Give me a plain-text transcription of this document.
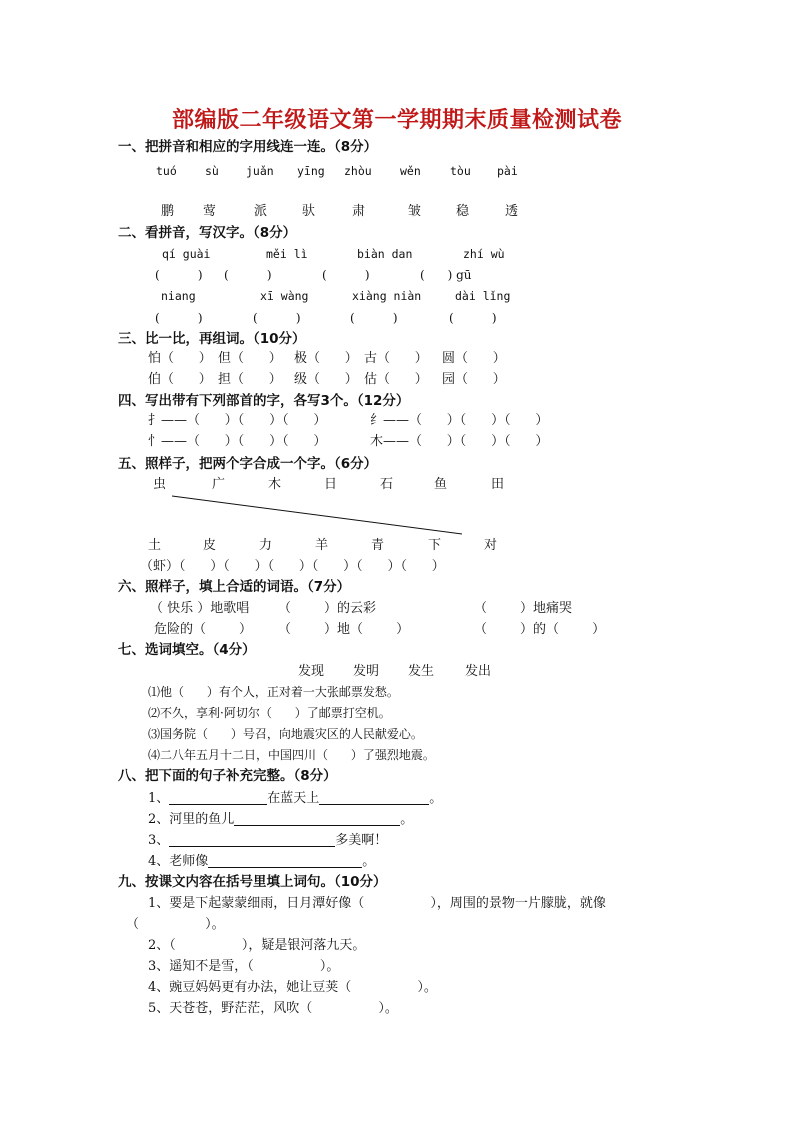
部编版二年级语文第一学期期末质量检测试卷
一、把拼音和相应的字用线连一连。（8分）
tuó sù juǎn yīng zhòu wěn	tòu pài
鹏 莺	派	驮	肃	皱	稳	透
二、看拼音，写汉字。（8分）
qí guài	měi lì	biàn dan	zhí wù
(          ) (          )	(          )	(      ) gū
niang	xī wàng	xiàng niàn	dài lǐng
(          )	(          )	(          )	(          )
三、比一比，再组词。（10分）
怕（      ） 但（      ） 极（      ） 古（      ） 圆（      ）
伯（      ） 担（      ） 级（      ） 估（      ） 园（      ）
四、写出带有下列部首的字，各写3个。（12分）
扌——（      ）（      ）（      ）	纟——（      ）（      ）（      ）
忄——（      ）（      ）（      ）	木——（      ）（      ）（      ）
五、照样子，把两个字合成一个字。（6分）
虫	广	木	日	石	鱼	田
土	皮	力	羊	青	下	对
（虾）（      ）（      ）（      ）（      ）（      ）（      ）
六、照样子，填上合适的词语。（7分）
（ 快乐 ）地歌唱 （        ）的云彩	（        ）地痛哭
危险的（        ） （        ）地（        ）	（        ）的（        ）
七、选词填空。（4分）
发现 发明 发生 发出
⑴他（      ）有个人，正对着一大张邮票发愁。
⑵不久，享利·阿切尔（      ）了邮票打空机。
⑶国务院（      ）号召，向地震灾区的人民献爱心。
⑷二八年五月十二日，中国四川（      ）了强烈地震。
八、把下面的句子补充完整。（8分）
1、	在蓝天上	。
2、 河里的鱼儿	。
3、	多美啊！
4、 老师像	。
九、按课文内容在括号里填上词句。（10分）
1、要是下起蒙蒙细雨，日月潭好像（                ），周围的景物一片朦胧，就像
（                ）。
2、（                ），疑是银河落九天。
3、遥知不是雪，（                ）。
4、豌豆妈妈更有办法，她让豆荚（                ）。
5、天苍苍，野茫茫，风吹（                ）。
